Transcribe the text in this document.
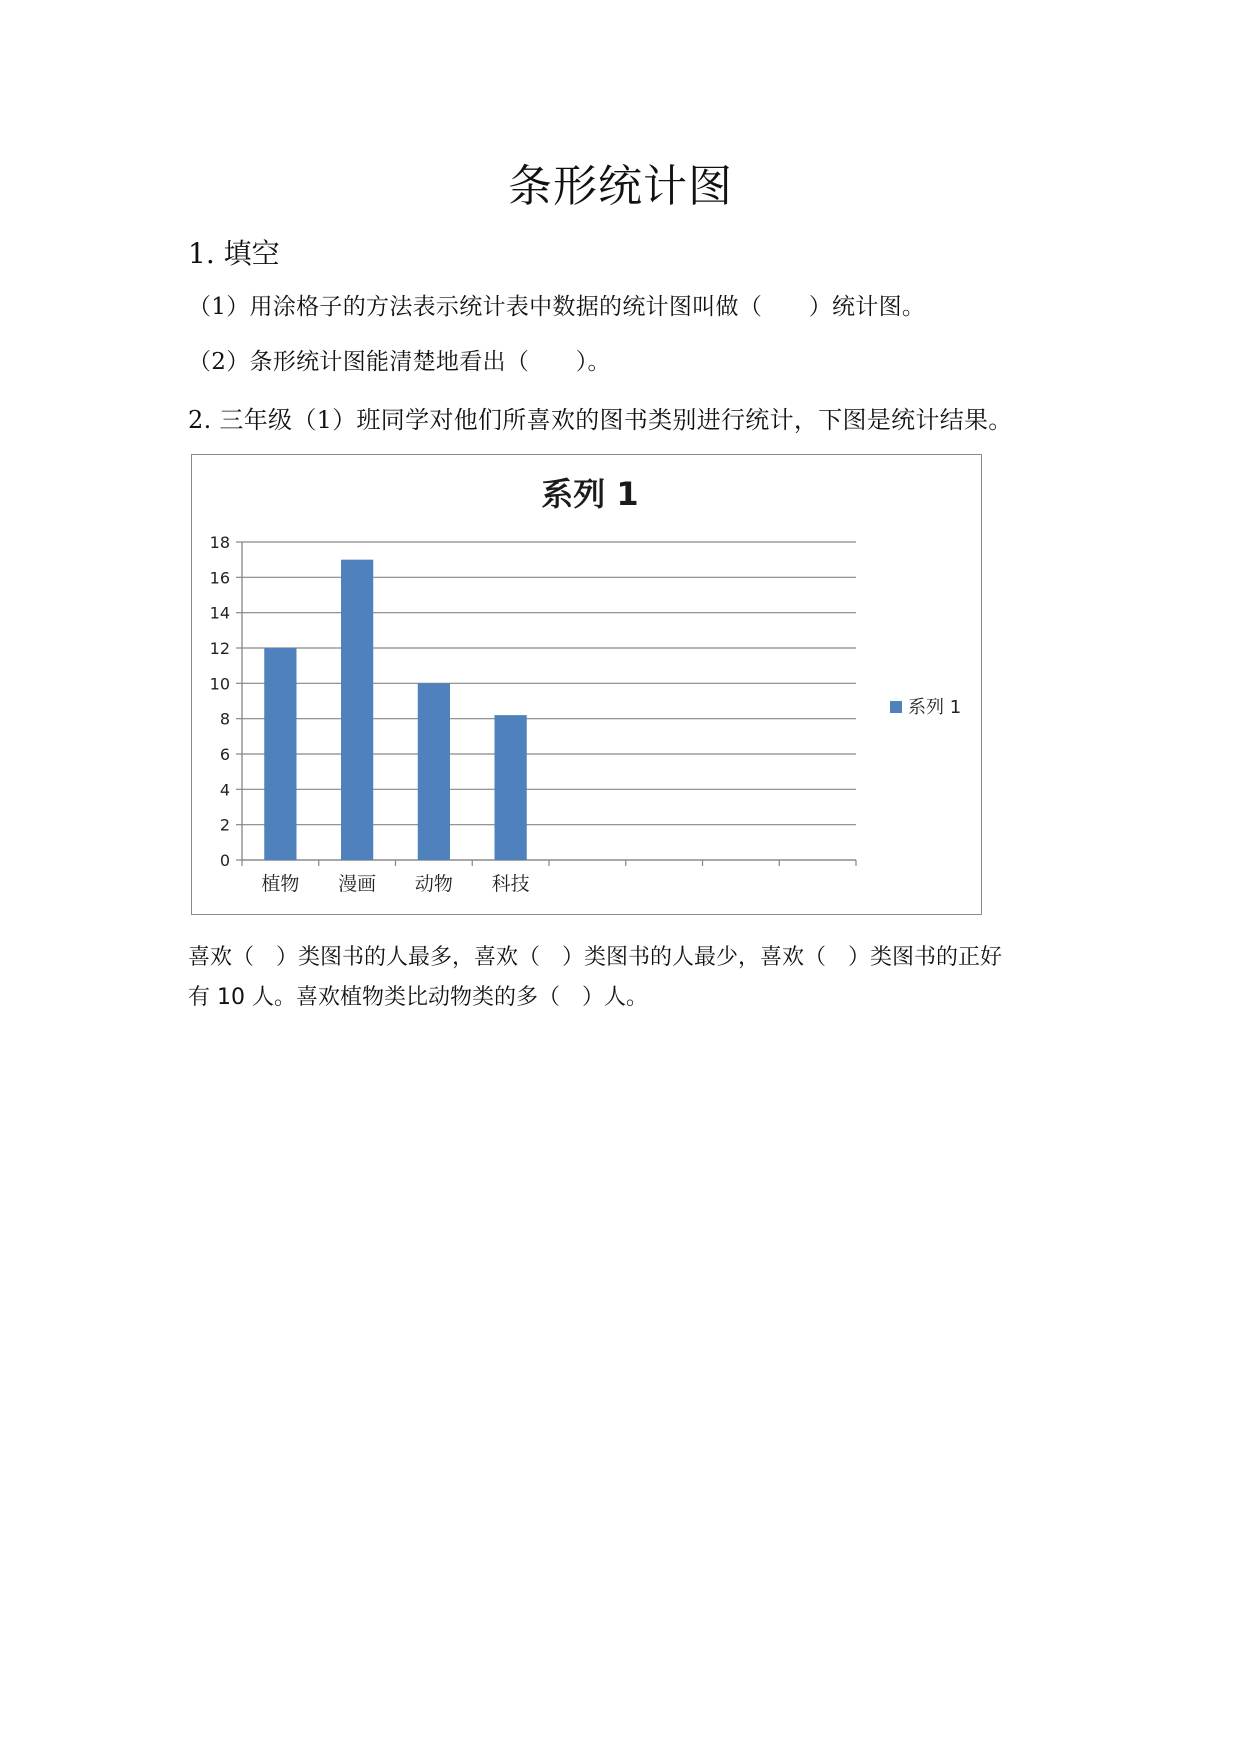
条形统计图
1. 填空
（1）用涂格子的方法表示统计表中数据的统计图叫做（　　）统计图。
（2）条形统计图能清楚地看出（　　）。
2. 三年级（1）班同学对他们所喜欢的图书类别进行统计，下图是统计结果。
系列 1
0
2
4
6
8
10
12
14
16
18
植物 漫画 动物 科技
系列 1
喜欢（　）类图书的人最多，喜欢（　）类图书的人最少，喜欢（　）类图书的正好
有 10 人。喜欢植物类比动物类的多（　）人。
